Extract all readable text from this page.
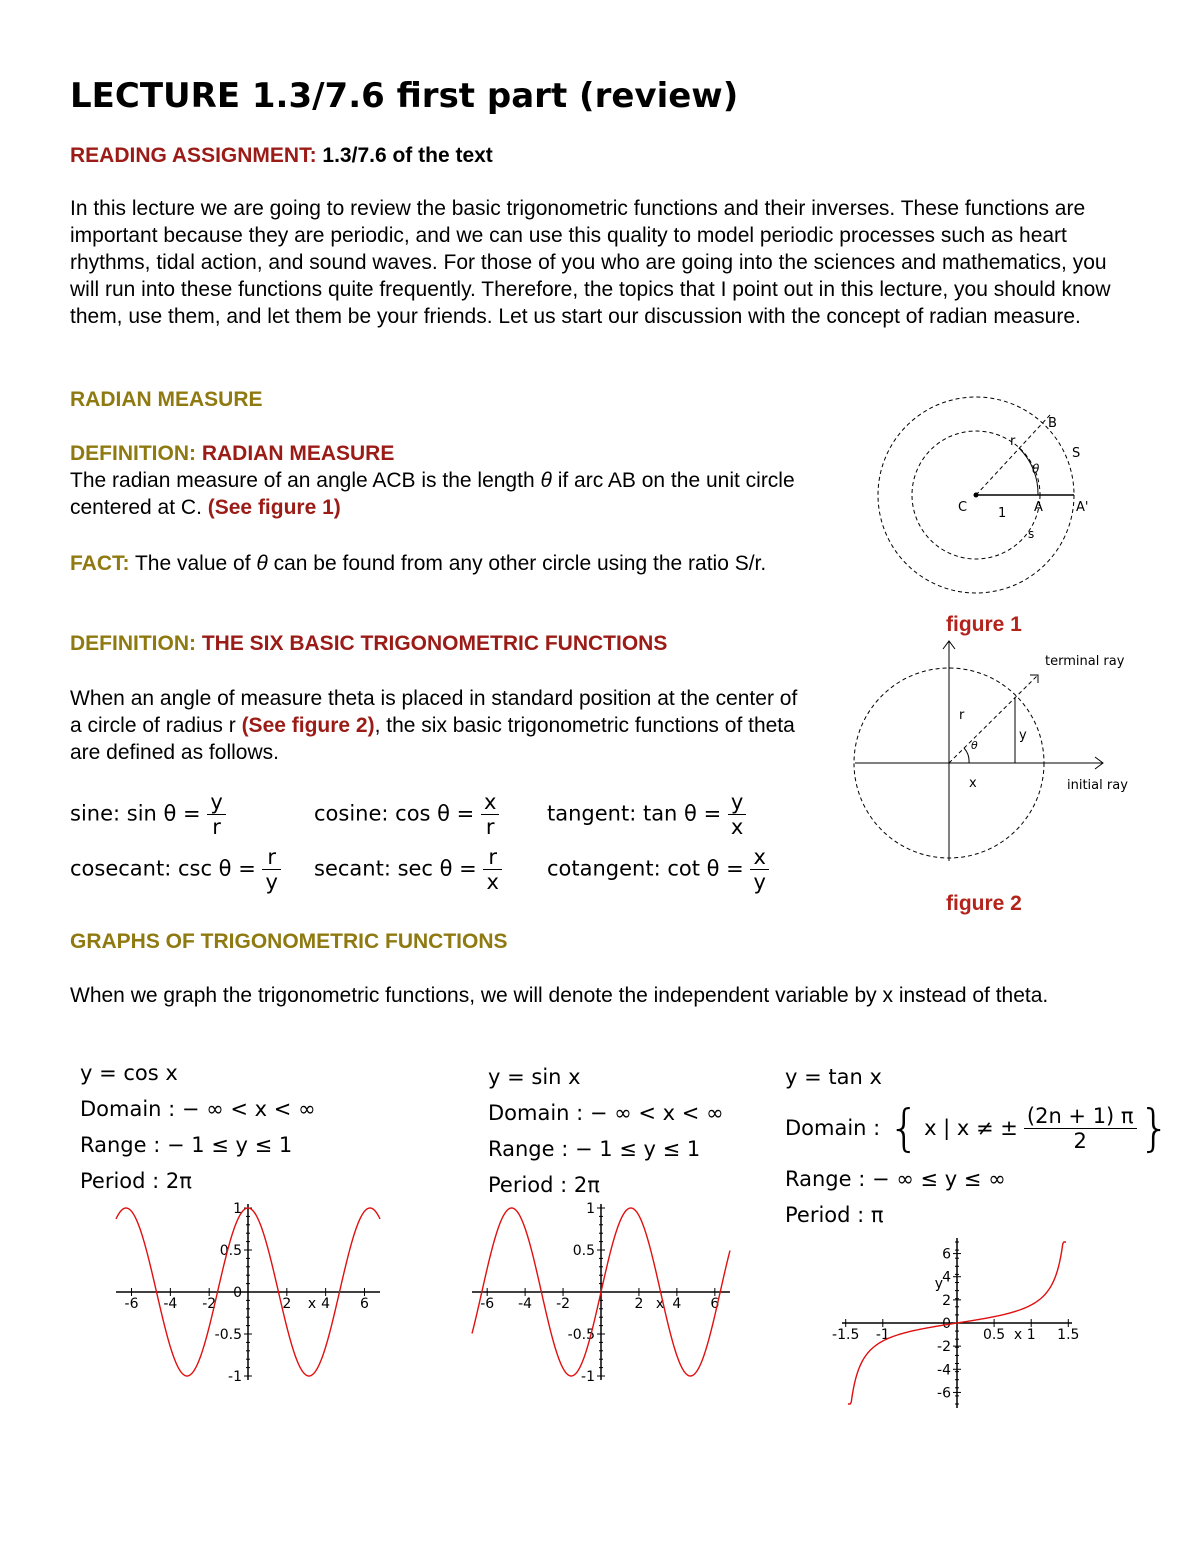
LECTURE 1.3/7.6 first part (review)
READING ASSIGNMENT: 1.3/7.6 of the text
In this lecture we are going to review the basic trigonometric functions and their inverses. These functions are important because they are periodic, and we can use this quality to model periodic processes such as heart rhythms, tidal action, and sound waves. For those of you who are going into the sciences and mathematics, you will run into these functions quite frequently. Therefore, the topics that I point out in this lecture, you should know them, use them, and let them be your friends. Let us start our discussion with the concept of radian measure.
RADIAN MEASURE
DEFINITION: RADIAN MEASURE
The radian measure of an angle ACB is the length θ if arc AB on the unit circle centered at C. (See figure 1)
FACT: The value of θ can be found from any other circle using the ratio S/r.
DEFINITION: THE SIX BASIC TRIGONOMETRIC FUNCTIONS
When an angle of measure theta is placed in standard position at the center of a circle of radius r (See figure 2), the six basic trigonometric functions of theta are defined as follows.
sine: $\sin \theta = \frac{y}{r}$	cosine: $\cos \theta = \frac{x}{r}$ tangent: $\tan \theta = \frac{y}{x}$
cosecant: $\csc \theta = \frac{r}{y}$ secant: $\sec \theta = \frac{r}{x}$ cotangent: $\cot \theta = \frac{x}{y}$
B
S
r
θ
C 1 A	A'
s
figure 1
terminal ray
initial ray
r
y
x
θ
figure 2
GRAPHS OF TRIGONOMETRIC FUNCTIONS
When we graph the trigonometric functions, we will denote the independent variable by x instead of theta.
y = cos x
Domain : − ∞ < x < ∞
Range : − 1 ≤ y ≤ 1
Period : 2π
y = sin x
Domain : − ∞ < x < ∞
Range : − 1 ≤ y ≤ 1
Period : 2π
y = tan x
Domain : { x | x ≠ ± $\frac{(2n + 1) \pi}{2}$ }
Range : − ∞ ≤ y ≤ ∞
Period : π
-6 -4 -2	2 4 6
1
0.5
0
-0.5
-1
x	-6 -4 -2	2 4 6
1
0.5
-0.5
-1
x
-1.5 -1	0.5 1 1.5
6
4
2
0
-2
-4
-6
x
y
